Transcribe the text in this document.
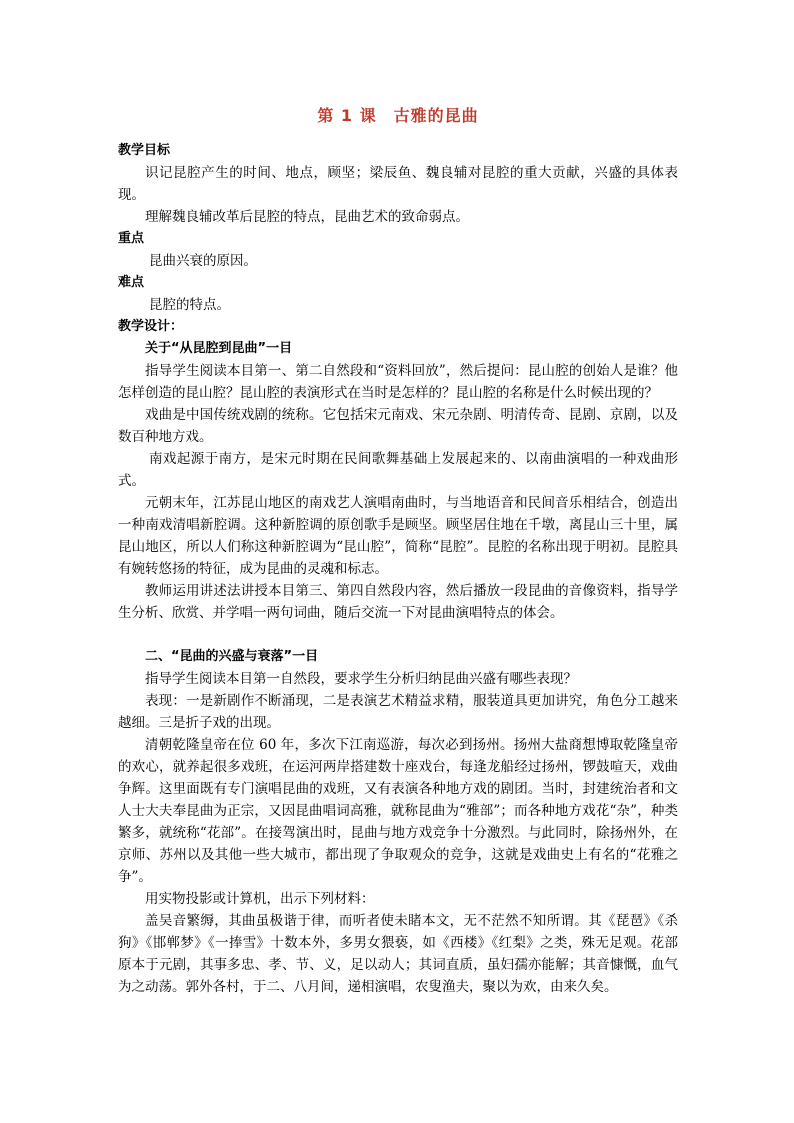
第 1 课　古雅的昆曲

教学目标

识记昆腔产生的时间、地点，顾坚；梁辰鱼、魏良辅对昆腔的重大贡献，兴盛的具体表现。

理解魏良辅改革后昆腔的特点，昆曲艺术的致命弱点。

重点

昆曲兴衰的原因。

难点

昆腔的特点。

教学设计：

关于“从昆腔到昆曲”一目

指导学生阅读本目第一、第二自然段和“资料回放”，然后提问：昆山腔的创始人是谁？他怎样创造的昆山腔？昆山腔的表演形式在当时是怎样的？昆山腔的名称是什么时候出现的？

戏曲是中国传统戏剧的统称。它包括宋元南戏、宋元杂剧、明清传奇、昆剧、京剧，以及数百种地方戏。

南戏起源于南方，是宋元时期在民间歌舞基础上发展起来的、以南曲演唱的一种戏曲形式。

元朝末年，江苏昆山地区的南戏艺人演唱南曲时，与当地语音和民间音乐相结合，创造出一种南戏清唱新腔调。这种新腔调的原创歌手是顾坚。顾坚居住地在千墩，离昆山三十里，属昆山地区，所以人们称这种新腔调为“昆山腔”，简称“昆腔”。昆腔的名称出现于明初。昆腔具有婉转悠扬的特征，成为昆曲的灵魂和标志。

教师运用讲述法讲授本目第三、第四自然段内容，然后播放一段昆曲的音像资料，指导学生分析、欣赏、并学唱一两句词曲，随后交流一下对昆曲演唱特点的体会。

二、“昆曲的兴盛与衰落”一目

指导学生阅读本目第一自然段，要求学生分析归纳昆曲兴盛有哪些表现？

表现：一是新剧作不断涌现，二是表演艺术精益求精，服装道具更加讲究，角色分工越来越细。三是折子戏的出现。

清朝乾隆皇帝在位 60 年，多次下江南巡游，每次必到扬州。扬州大盐商想博取乾隆皇帝的欢心，就养起很多戏班，在运河两岸搭建数十座戏台，每逢龙船经过扬州，锣鼓喧天，戏曲争辉。这里面既有专门演唱昆曲的戏班，又有表演各种地方戏的剧团。当时，封建统治者和文人士大夫奉昆曲为正宗，又因昆曲唱词高雅，就称昆曲为“雅部”；而各种地方戏花“杂”，种类繁多，就统称“花部”。在接驾演出时，昆曲与地方戏竞争十分激烈。与此同时，除扬州外，在京师、苏州以及其他一些大城市，都出现了争取观众的竞争，这就是戏曲史上有名的“花雅之争”。

用实物投影或计算机，出示下列材料：

盖吴音繁缛，其曲虽极谐于律，而听者使未睹本文，无不茫然不知所谓。其《琵琶》《杀狗》《邯郸梦》《一捧雪》十数本外，多男女猥亵，如《西楼》《红梨》之类，殊无足观。花部原本于元剧，其事多忠、孝、节、义，足以动人；其词直质，虽妇孺亦能解；其音慷慨，血气为之动荡。郭外各村，于二、八月间，递相演唱，农叟渔夫，聚以为欢，由来久矣。
